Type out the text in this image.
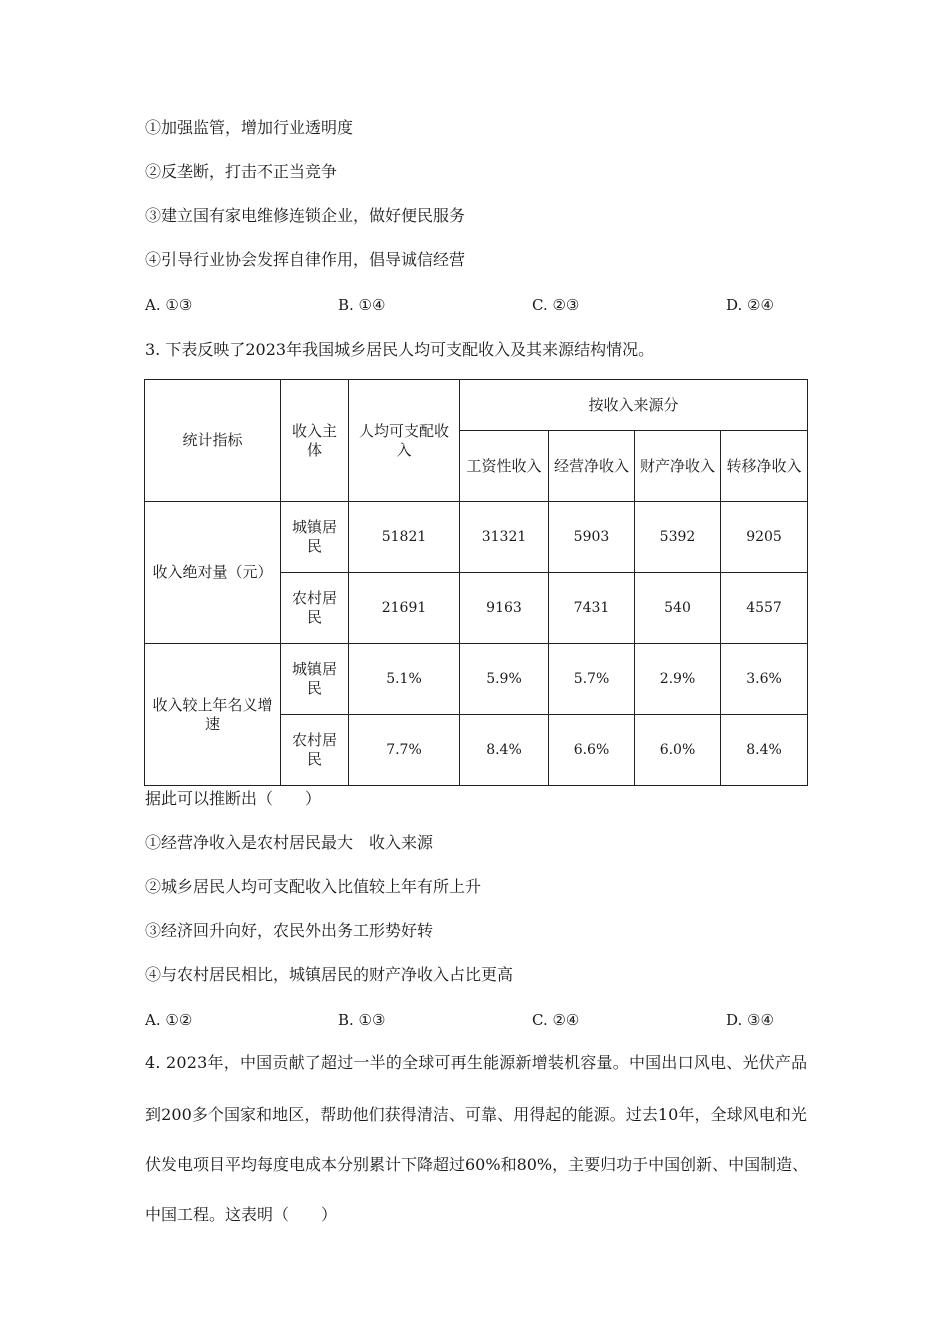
①加强监管，增加行业透明度
②反垄断，打击不正当竞争
③建立国有家电维修连锁企业，做好便民服务
④引导行业协会发挥自律作用，倡导诚信经营
A. ①③	B. ①④	C. ②③	D. ②④
3. 下表反映了2023年我国城乡居民人均可支配收入及其来源结构情况。
统计指标	收入主体	人均可支配收入	按收入来源分			
			工资性收入	经营净收入	财产净收入	转移净收入
收入绝对量（元）	城镇居民	51821	31321	5903	5392	9205
	农村居民	21691	9163	7431	540	4557
收入较上年名义增速	城镇居民	5.1%	5.9%	5.7%	2.9%	3.6%
	农村居民	7.7%	8.4%	6.6%	6.0%	8.4%
据此可以推断出（　　）
①经营净收入是农村居民最大　收入来源
②城乡居民人均可支配收入比值较上年有所上升
③经济回升向好，农民外出务工形势好转
④与农村居民相比，城镇居民的财产净收入占比更高
A. ①②	B. ①③	C. ②④	D. ③④
4. 2023年，中国贡献了超过一半的全球可再生能源新增装机容量。中国出口风电、光伏产品
到200多个国家和地区，帮助他们获得清洁、可靠、用得起的能源。过去10年，全球风电和光
伏发电项目平均每度电成本分别累计下降超过60%和80%，主要归功于中国创新、中国制造、
中国工程。这表明（　　）
